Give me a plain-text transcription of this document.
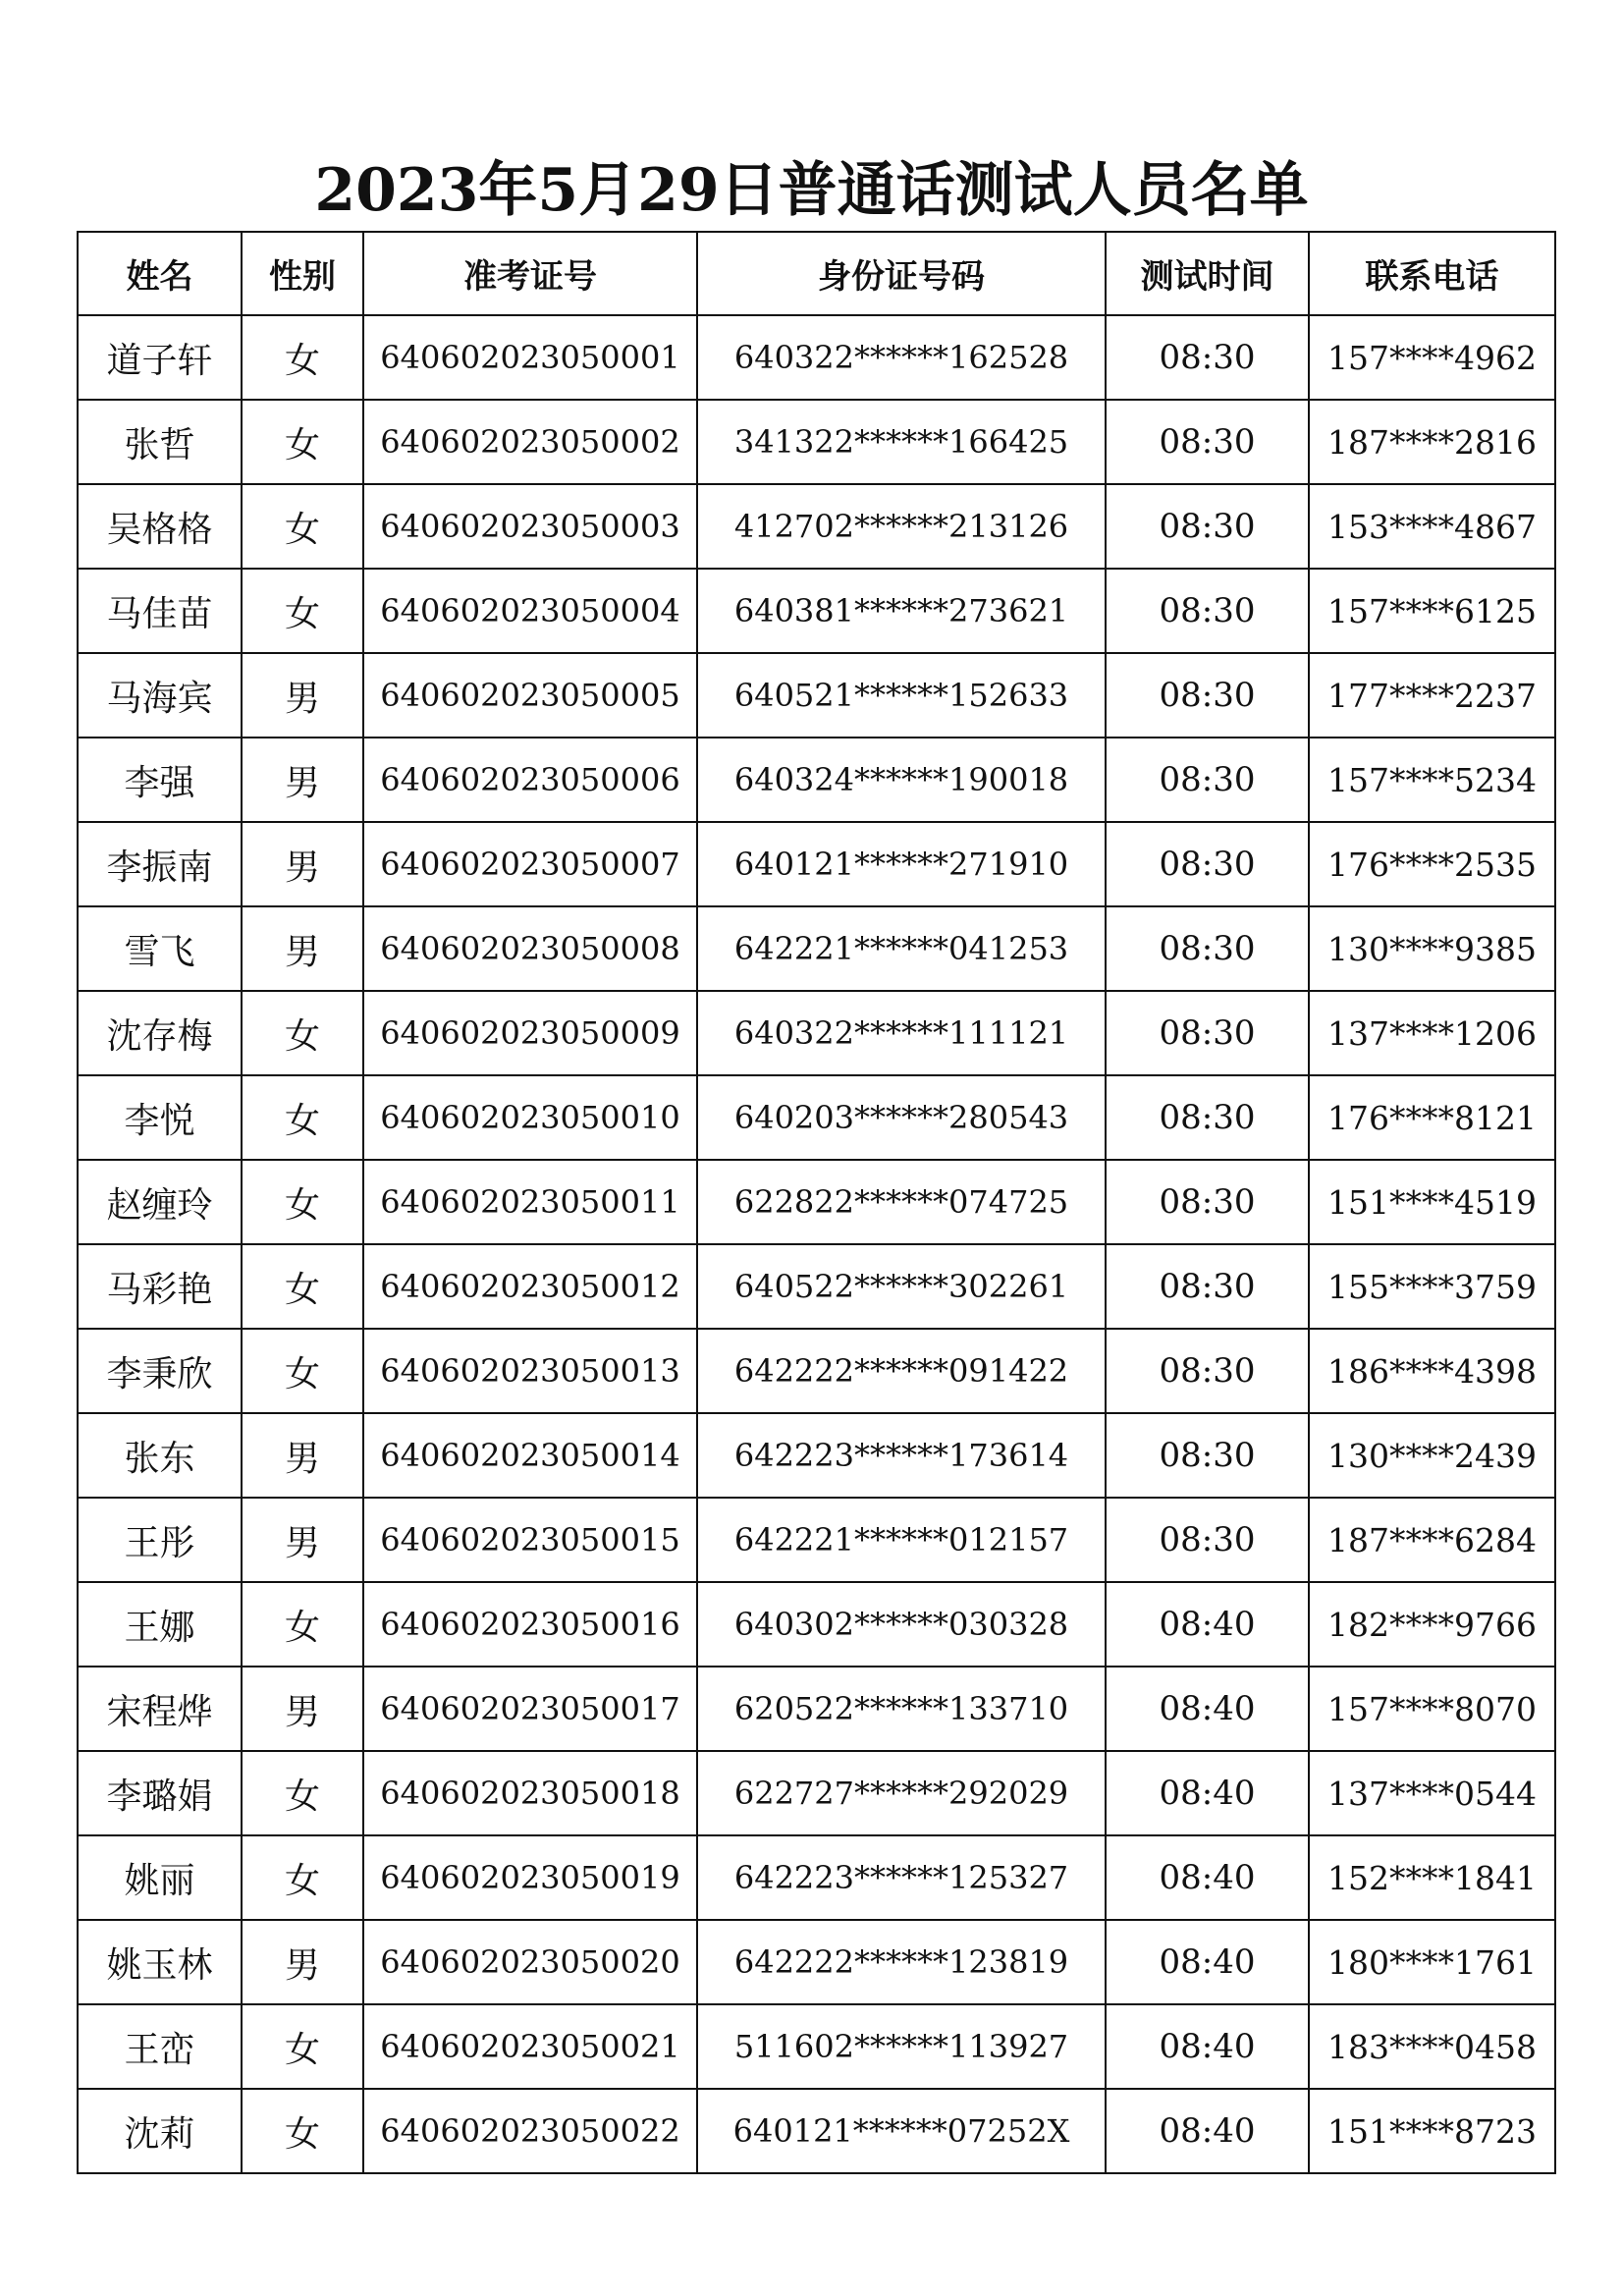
2023年5月29日普通话测试人员名单
姓名	性别	准考证号	身份证号码	测试时间	联系电话
道子轩	女	640602023050001	640322******162528	08:30	157****4962
张哲	女	640602023050002	341322******166425	08:30	187****2816
吴格格	女	640602023050003	412702******213126	08:30	153****4867
马佳苗	女	640602023050004	640381******273621	08:30	157****6125
马海宾	男	640602023050005	640521******152633	08:30	177****2237
李强	男	640602023050006	640324******190018	08:30	157****5234
李振南	男	640602023050007	640121******271910	08:30	176****2535
雪飞	男	640602023050008	642221******041253	08:30	130****9385
沈存梅	女	640602023050009	640322******111121	08:30	137****1206
李悦	女	640602023050010	640203******280543	08:30	176****8121
赵缠玲	女	640602023050011	622822******074725	08:30	151****4519
马彩艳	女	640602023050012	640522******302261	08:30	155****3759
李秉欣	女	640602023050013	642222******091422	08:30	186****4398
张东	男	640602023050014	642223******173614	08:30	130****2439
王彤	男	640602023050015	642221******012157	08:30	187****6284
王娜	女	640602023050016	640302******030328	08:40	182****9766
宋程烨	男	640602023050017	620522******133710	08:40	157****8070
李璐娟	女	640602023050018	622727******292029	08:40	137****0544
姚丽	女	640602023050019	642223******125327	08:40	152****1841
姚玉林	男	640602023050020	642222******123819	08:40	180****1761
王峦	女	640602023050021	511602******113927	08:40	183****0458
沈莉	女	640602023050022	640121******07252X	08:40	151****8723
